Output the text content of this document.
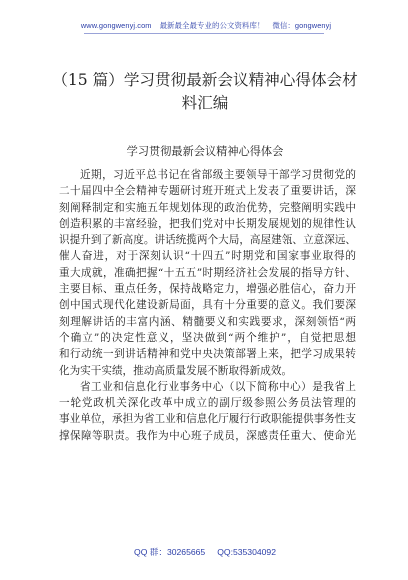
www.gongwenyj.com 最新最全最专业的公文资料库！ 微信：gongwenyj
（15 篇）学习贯彻最新会议精神心得体会材
料汇编
学习贯彻最新会议精神心得体会

近期，习近平总书记在省部级主要领导干部学习贯彻党的
二十届四中全会精神专题研讨班开班式上发表了重要讲话，深
刻阐释制定和实施五年规划体现的政治优势，完整阐明实践中
创造积累的丰富经验，把我们党对中长期发展规划的规律性认
识提升到了新高度。讲话统揽两个大局，高屋建瓴、立意深远、
催人奋进，对于深刻认识“十四五”时期党和国家事业取得的
重大成就，准确把握“十五五”时期经济社会发展的指导方针、
主要目标、重点任务，保持战略定力，增强必胜信心，奋力开
创中国式现代化建设新局面，具有十分重要的意义。我们要深
刻理解讲话的丰富内涵、精髓要义和实践要求，深刻领悟“两
个确立”的决定性意义，坚决做到“两个维护”，自觉把思想
和行动统一到讲话精神和党中央决策部署上来，把学习成果转
化为实干实绩，推动高质量发展不断取得新成效。

省工业和信息化行业事务中心（以下简称中心）是我省上
一轮党政机关深化改革中成立的副厅级参照公务员法管理的
事业单位，承担为省工业和信息化厅履行行政职能提供事务性支
撑保障等职责。我作为中心班子成员，深感责任重大、使命光

QQ 群：30265665 QQ:535304092
